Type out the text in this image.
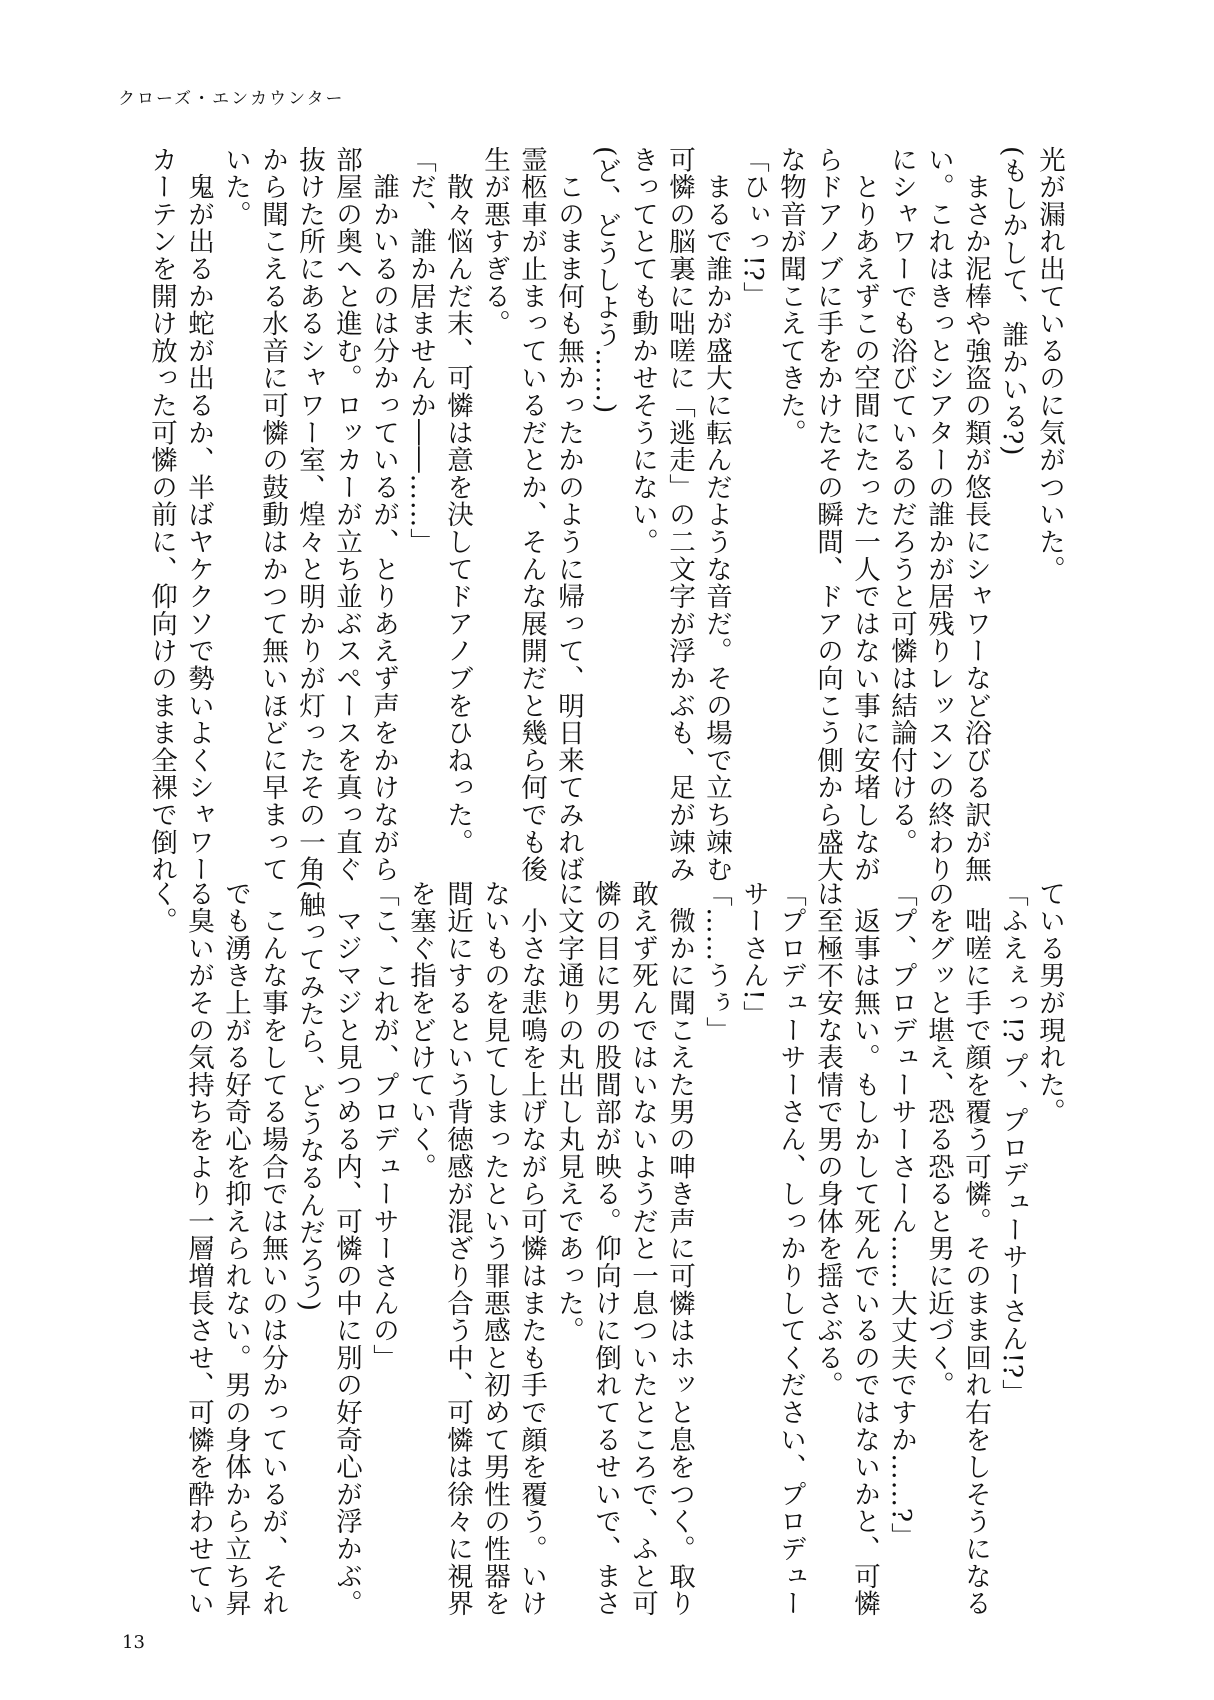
クローズ・エンカウンター
光が漏れ出ているのに気がついた。
(もしかして、誰かいる?)
　まさか泥棒や強盗の類が悠長にシャワーなど浴びる訳が無
い。これはきっとシアターの誰かが居残りレッスンの終わり
にシャワーでも浴びているのだろうと可憐は結論付ける。
　とりあえずこの空間にたった一人ではない事に安堵しなが
らドアノブに手をかけたその瞬間、ドアの向こう側から盛大
な物音が聞こえてきた。
「ひぃっ!?」
　まるで誰かが盛大に転んだような音だ。その場で立ち竦む
可憐の脳裏に咄嗟に「逃走」の二文字が浮かぶも、足が竦み
きってとても動かせそうにない。
(ど、どうしよう……)
　このまま何も無かったかのように帰って、明日来てみれば
霊柩車が止まっているだとか、そんな展開だと幾ら何でも後
生が悪すぎる。
　散々悩んだ末、可憐は意を決してドアノブをひねった。
「だ、誰か居ませんか――……」
　誰かいるのは分かっているが、とりあえず声をかけながら
部屋の奥へと進む。ロッカーが立ち並ぶスペースを真っ直ぐ
抜けた所にあるシャワー室、煌々と明かりが灯ったその一角
から聞こえる水音に可憐の鼓動はかつて無いほどに早まって
いた。
　鬼が出るか蛇が出るか、半ばヤケクソで勢いよくシャワー
カーテンを開け放った可憐の前に、仰向けのまま全裸で倒れ
ている男が現れた。
「ふえぇっ!? プ、プロデューサーさん!?」
　咄嗟に手で顔を覆う可憐。そのまま回れ右をしそうになる
のをグッと堪え、恐る恐ると男に近づく。
「プ、プロデューサーさーん……大丈夫ですか……?」
　返事は無い。もしかして死んでいるのではないかと、可憐
は至極不安な表情で男の身体を揺さぶる。
「プロデューサーさん、しっかりしてください、プロデュー
サーさん!」
「……うぅ」
　微かに聞こえた男の呻き声に可憐はホッと息をつく。取り
敢えず死んではいないようだと一息ついたところで、ふと可
憐の目に男の股間部が映る。仰向けに倒れてるせいで、まさ
に文字通りの丸出し丸見えであった。
　小さな悲鳴を上げながら可憐はまたも手で顔を覆う。いけ
ないものを見てしまったという罪悪感と初めて男性の性器を
間近にするという背徳感が混ざり合う中、可憐は徐々に視界
を塞ぐ指をどけていく。
「こ、これが、プロデューサーさんの」
　マジマジと見つめる内、可憐の中に別の好奇心が浮かぶ。
(触ってみたら、どうなるんだろう)
　こんな事をしてる場合では無いのは分かっているが、それ
でも湧き上がる好奇心を抑えられない。男の身体から立ち昇
る臭いがその気持ちをより一層増長させ、可憐を酔わせてい
く。
13
